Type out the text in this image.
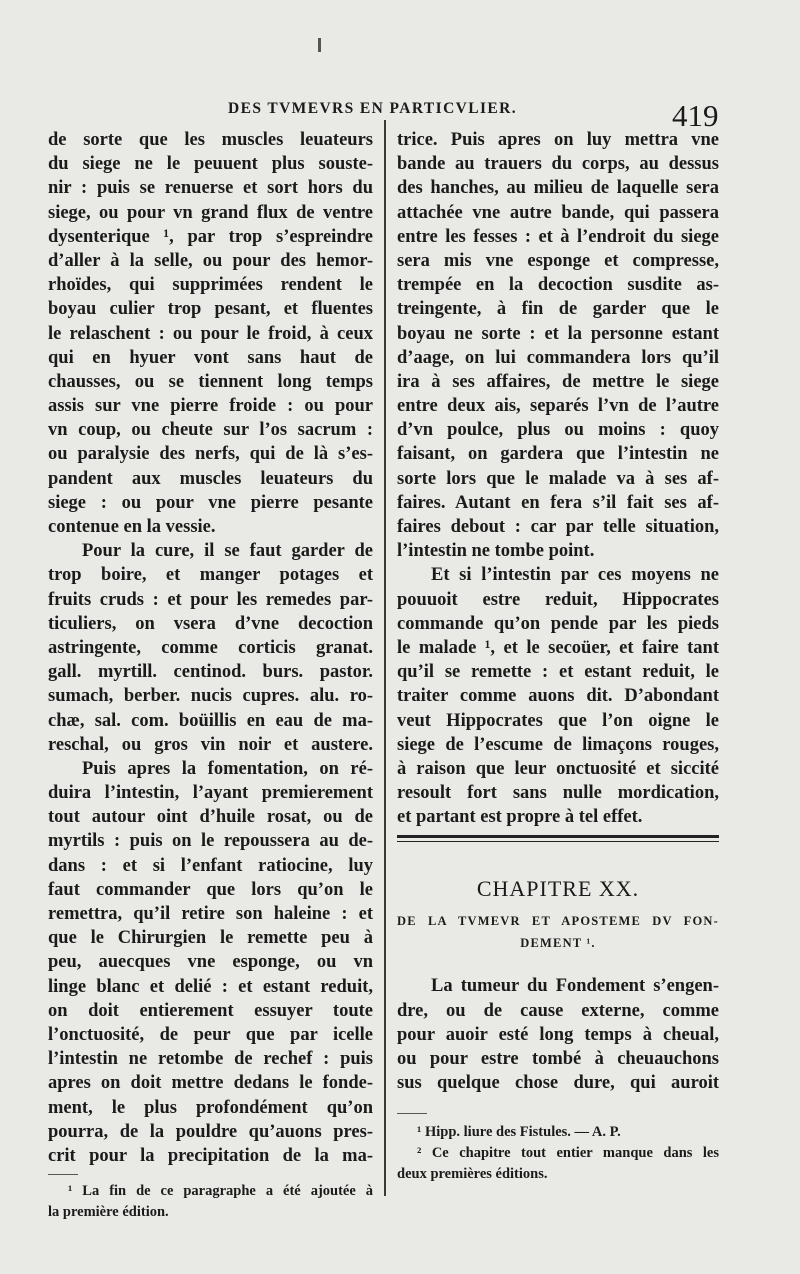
DES TVMEVRS EN PARTICVLIER.	419
de sorte que les muscles leuateurs
du siege ne le peuuent plus souste-
nir : puis se renuerse et sort hors du
siege, ou pour vn grand flux de ventre
dysenterique ¹, par trop s’espreindre
d’aller à la selle, ou pour des hemor-
rhoïdes, qui supprimées rendent le
boyau culier trop pesant, et fluentes
le relaschent : ou pour le froid, à ceux
qui en hyuer vont sans haut de
chausses, ou se tiennent long temps
assis sur vne pierre froide : ou pour
vn coup, ou cheute sur l’os sacrum :
ou paralysie des nerfs, qui de là s’es-
pandent aux muscles leuateurs du
siege : ou pour vne pierre pesante
contenue en la vessie.
Pour la cure, il se faut garder de
trop boire, et manger potages et
fruits cruds : et pour les remedes par-
ticuliers, on vsera d’vne decoction
astringente, comme corticis granat.
gall. myrtill. centinod. burs. pastor.
sumach, berber. nucis cupres. alu. ro-
chæ, sal. com. boüillis en eau de ma-
reschal, ou gros vin noir et austere.
Puis apres la fomentation, on ré-
duira l’intestin, l’ayant premierement
tout autour oint d’huile rosat, ou de
myrtils : puis on le repoussera au de-
dans : et si l’enfant ratiocine, luy
faut commander que lors qu’on le
remettra, qu’il retire son haleine : et
que le Chirurgien le remette peu à
peu, auecques vne esponge, ou vn
linge blanc et delié : et estant reduit,
on doit entierement essuyer toute
l’onctuosité, de peur que par icelle
l’intestin ne retombe de rechef : puis
apres on doit mettre dedans le fonde-
ment, le plus profondément qu’on
pourra, de la pouldre qu’auons pres-
crit pour la precipitation de la ma-
¹ La fin de ce paragraphe a été ajoutée à
la première édition.
trice. Puis apres on luy mettra vne
bande au trauers du corps, au dessus
des hanches, au milieu de laquelle sera
attachée vne autre bande, qui passera
entre les fesses : et à l’endroit du siege
sera mis vne esponge et compresse,
trempée en la decoction susdite as-
treingente, à fin de garder que le
boyau ne sorte : et la personne estant
d’aage, on lui commandera lors qu’il
ira à ses affaires, de mettre le siege
entre deux ais, separés l’vn de l’autre
d’vn poulce, plus ou moins : quoy
faisant, on gardera que l’intestin ne
sorte lors que le malade va à ses af-
faires. Autant en fera s’il fait ses af-
faires debout : car par telle situation,
l’intestin ne tombe point.
Et si l’intestin par ces moyens ne
pouuoit estre reduit, Hippocrates
commande qu’on pende par les pieds
le malade ¹, et le secoüer, et faire tant
qu’il se remette : et estant reduit, le
traiter comme auons dit. D’abondant
veut Hippocrates que l’on oigne le
siege de l’escume de limaçons rouges,
à raison que leur onctuosité et siccité
resoult fort sans nulle mordication,
et partant est propre à tel effet.
CHAPITRE XX.
DE LA TVMEVR ET APOSTEME DV FON-
DEMENT ¹.
La tumeur du Fondement s’engen-
dre, ou de cause externe, comme
pour auoir esté long temps à cheual,
ou pour estre tombé à cheuauchons
sus quelque chose dure, qui auroit
¹ Hipp. liure des Fistules. — A. P.
² Ce chapitre tout entier manque dans les
deux premières éditions.
